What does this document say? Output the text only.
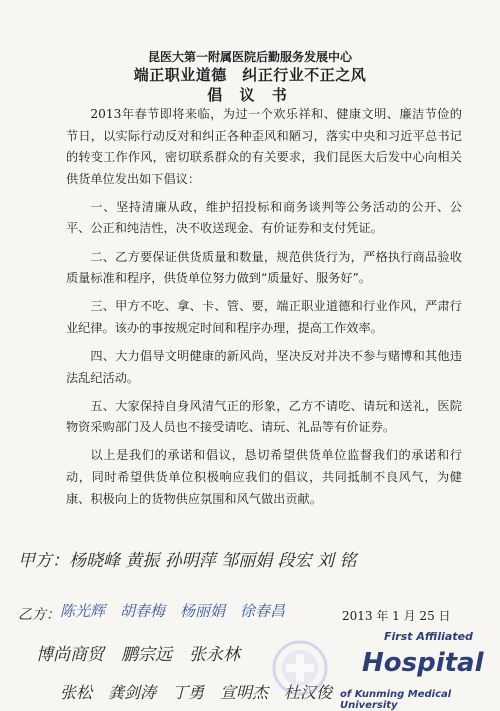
昆医大第一附属医院后勤服务发展中心
端正职业道德　纠正行业不正之风
倡 议 书

2013年春节即将来临，为过一个欢乐祥和、健康文明、廉洁节俭的节日，以实际行动反对和纠正各种歪风和陋习，落实中央和习近平总书记的转变工作作风，密切联系群众的有关要求，我们昆医大后发中心向相关供货单位发出如下倡议：

一、坚持清廉从政，维护招投标和商务谈判等公务活动的公开、公平、公正和纯洁性，决不收送现金、有价证券和支付凭证。

二、乙方要保证供货质量和数量，规范供货行为，严格执行商品验收质量标准和程序，供货单位努力做到“质量好、服务好”。

三、甲方不吃、拿、卡、管、要，端正职业道德和行业作风，严肃行业纪律。该办的事按规定时间和程序办理，提高工作效率。

四、大力倡导文明健康的新风尚，坚决反对并决不参与赌博和其他违法乱纪活动。

五、大家保持自身风清气正的形象，乙方不请吃、请玩和送礼，医院物资采购部门及人员也不接受请吃、请玩、礼品等有价证券。

以上是我们的承诺和倡议，恳切希望供货单位监督我们的承诺和行动，同时希望供货单位积极响应我们的倡议，共同抵制不良风气，为健康、积极向上的货物供应氛围和风气做出贡献。

甲方：杨晓峰 黄振 孙明萍 邹丽娟 段宏 刘 铭
乙方： 陈光辉　胡春梅　杨丽娟　徐春昌	2013 年 1 月 25 日
博尚商贸　鹏宗远　张永林
张松　龚剑涛　丁勇　宣明杰　杜汉俊
First Affiliated
Hospital
of Kunming Medical University
